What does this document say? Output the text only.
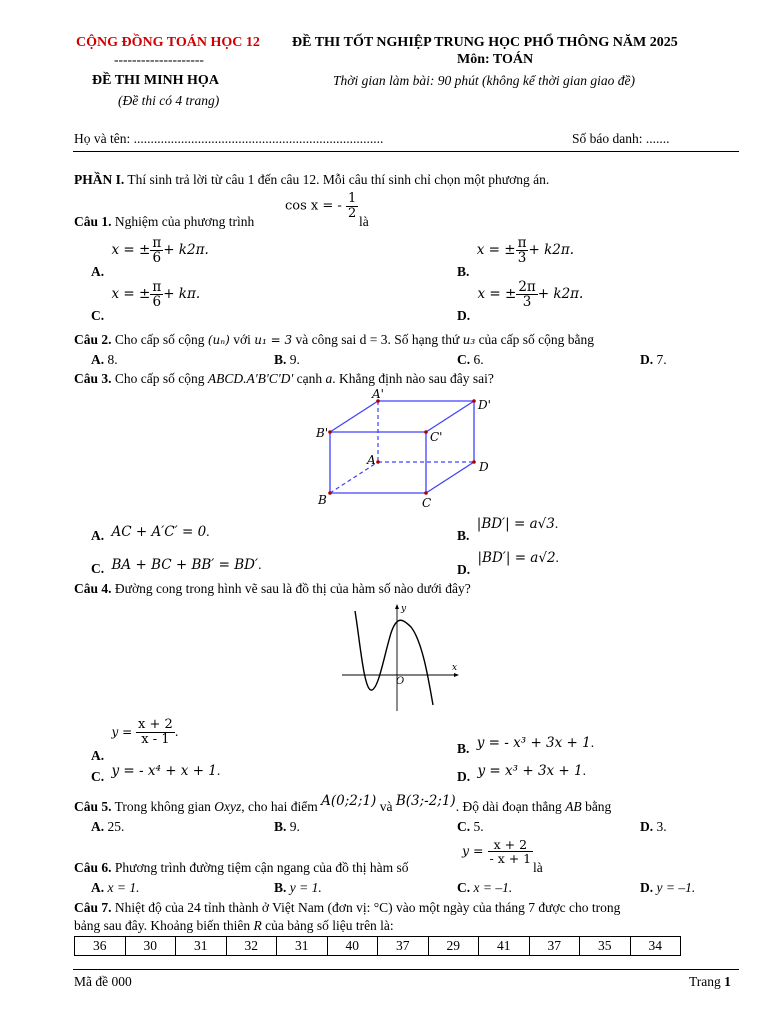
CỘNG ĐỒNG TOÁN HỌC 12 ĐỀ THI TỐT NGHIỆP TRUNG HỌC PHỔ THÔNG NĂM 2025
--------------------	Môn: TOÁN
ĐỀ THI MINH HỌA	Thời gian làm bài: 90 phút (không kể thời gian giao đề)
(Đề thi có 4 trang)
Họ và tên: ..........................................................................	Số báo danh: .......
PHẦN I. Thí sinh trả lời từ câu 1 đến câu 12. Mỗi câu thí sinh chỉ chọn một phương án.
Câu 1. Nghiệm của phương trình
cos x = - $\frac{1}{2}$
là
A. x = ± $\frac{\pi}{6} + k2\pi$.
B. x = ± $\frac{\pi}{3} + k2\pi$.
C. x = ± $\frac{\pi}{6} + k\pi$.
D. x = ± $\frac{2\pi}{3} + k2\pi$.
Câu 2. Cho cấp số cộng (uₙ) với u₁ = 3 và công sai d = 3. Số hạng thứ u₃ của cấp số cộng bằng
A. 8.	B. 9.	C. 6.	D. 7.
Câu 3. Cho cấp số cộng ABCD.A'B'C'D' cạnh a. Khẳng định nào sau đây sai?
A'
D'
B'	C'
A	D
B	C
A. AC + A′C′ = 0.	B. |BD′| = a√3.
C. BA + BC + BB′ = BD′.	D. |BD′| = a√2.
Câu 4. Đường cong trong hình vẽ sau là đồ thị của hàm số nào dưới đây?
y
x
O
A. $y = \frac{x + 2}{x - 1}$ .
B. y = - x³ + 3x + 1.
C. y = - x⁴ + x + 1.	D. y = x³ + 3x + 1.
Câu 5. Trong không gian Oxyz, cho hai điểm A(0;2;1) và B(3;-2;1). Độ dài đoạn thẳng AB bằng
A. 25.	B. 9.	C. 5.	D. 3.
Câu 6. Phương trình đường tiệm cận ngang của đồ thị hàm số
$y = \frac{x + 2}{- x + 1}$
là
A. x = 1.	B. y = 1.	C. x = –1.	D. y = –1.
Câu 7. Nhiệt độ của 24 tỉnh thành ở Việt Nam (đơn vị: °C) vào một ngày của tháng 7 được cho trong
bảng sau đây. Khoảng biến thiên R của bảng số liệu trên là:
36	30	31	32	31	40	37	29	41	37	35	34
Mã đề 000	Trang 1
